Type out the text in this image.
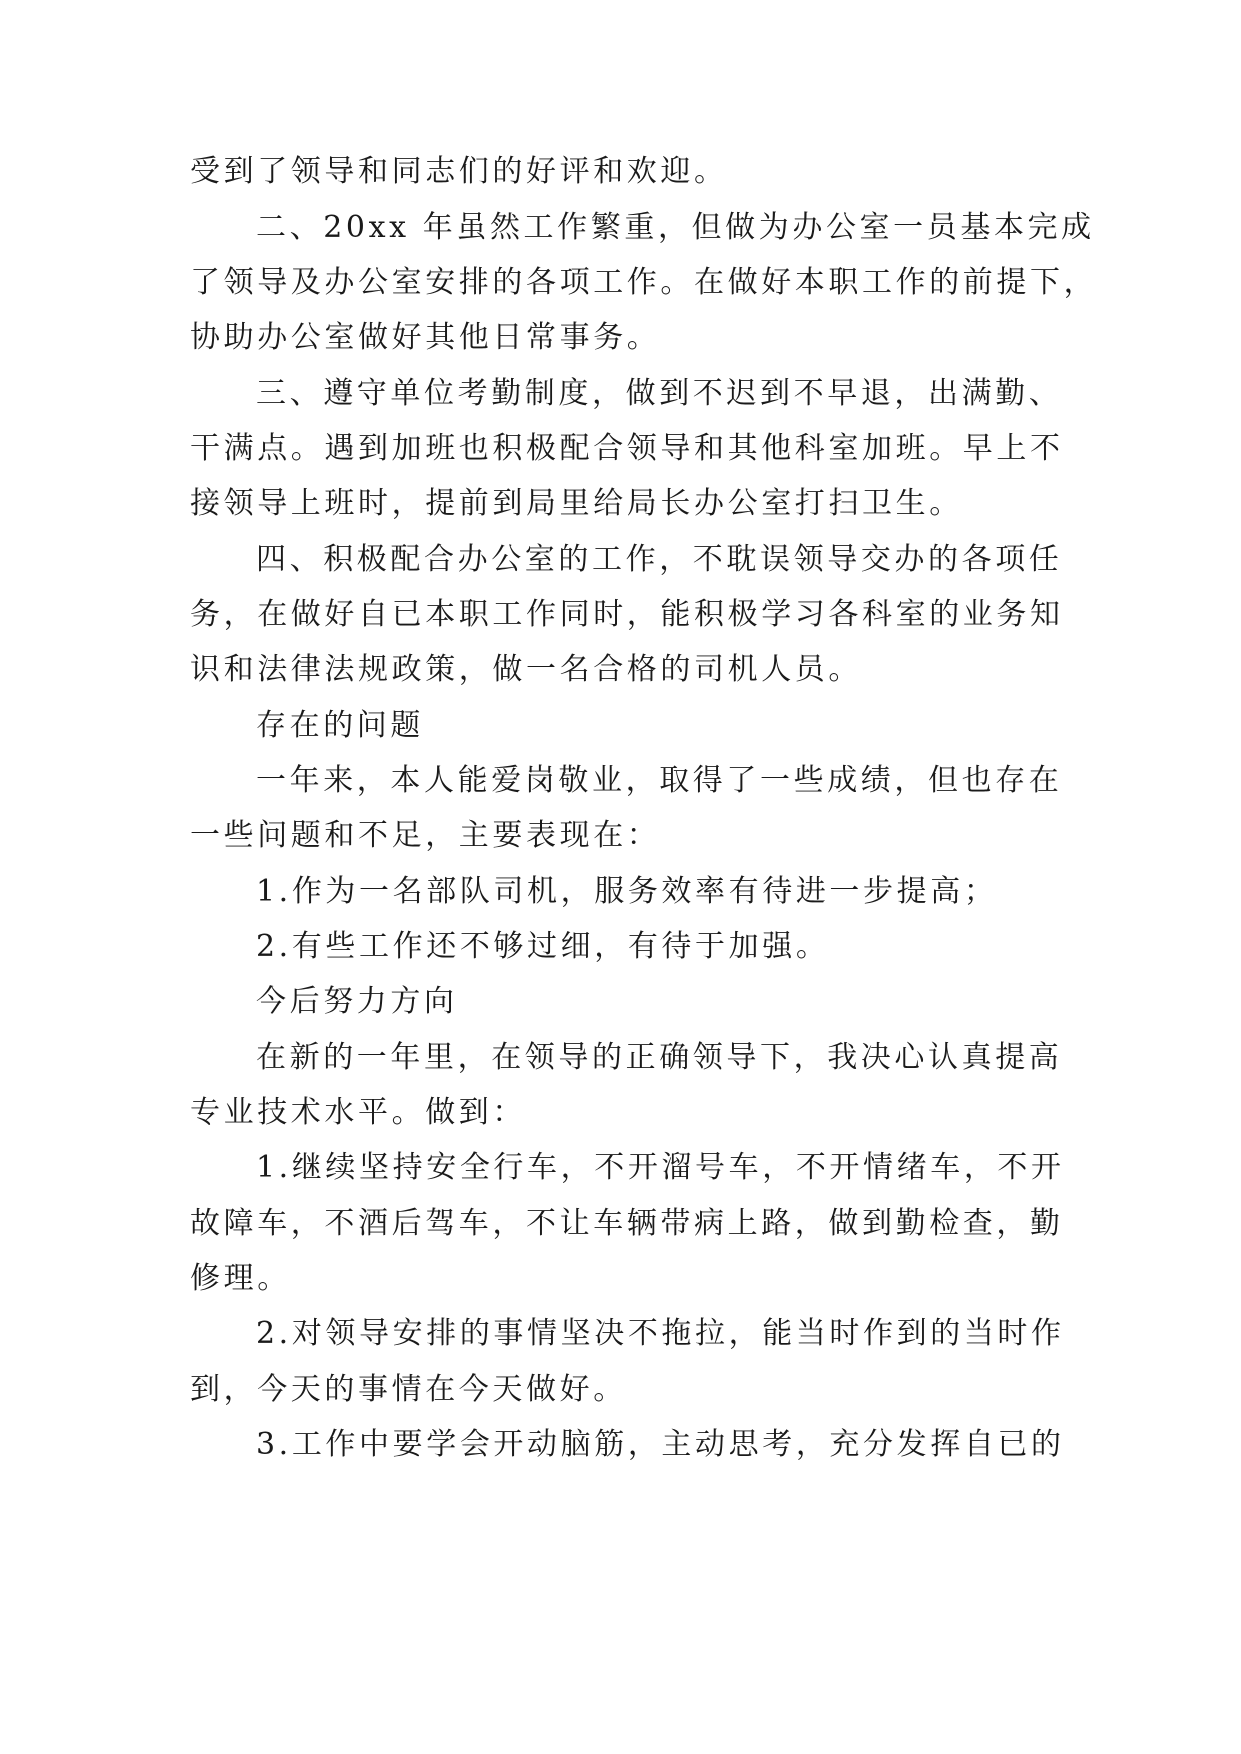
受到了领导和同志们的好评和欢迎。
二、20xx 年虽然工作繁重，但做为办公室一员基本完成
了领导及办公室安排的各项工作。在做好本职工作的前提下，
协助办公室做好其他日常事务。
三、遵守单位考勤制度，做到不迟到不早退，出满勤、
干满点。遇到加班也积极配合领导和其他科室加班。早上不
接领导上班时，提前到局里给局长办公室打扫卫生。
四、积极配合办公室的工作，不耽误领导交办的各项任
务，在做好自已本职工作同时，能积极学习各科室的业务知
识和法律法规政策，做一名合格的司机人员。
存在的问题
一年来，本人能爱岗敬业，取得了一些成绩，但也存在
一些问题和不足，主要表现在：
1.作为一名部队司机，服务效率有待进一步提高；
2.有些工作还不够过细，有待于加强。
今后努力方向
在新的一年里，在领导的正确领导下，我决心认真提高
专业技术水平。做到：
1.继续坚持安全行车，不开溜号车，不开情绪车，不开
故障车，不酒后驾车，不让车辆带病上路，做到勤检查，勤
修理。
2.对领导安排的事情坚决不拖拉，能当时作到的当时作
到，今天的事情在今天做好。
3.工作中要学会开动脑筋，主动思考，充分发挥自已的
